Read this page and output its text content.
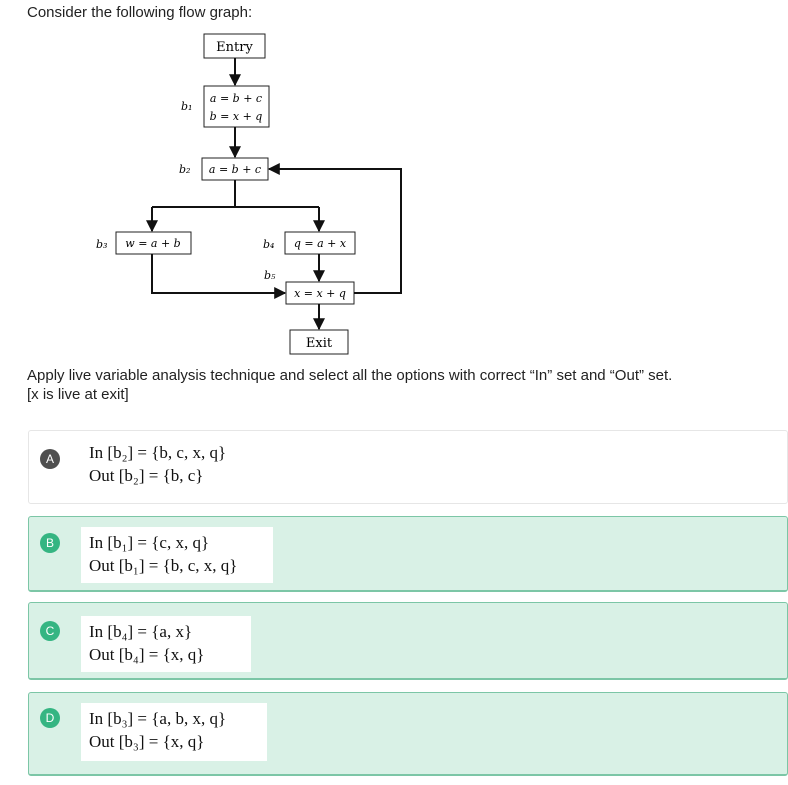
Consider the following flow graph:

Entry
a = b + c
b = x + q
b₁
a = b + c
b₂
w = a + b
b₃	q = a + x
b₄
x = x + q
b₅
Exit
Apply live variable analysis technique and select all the options with correct “In” set and “Out” set.
[x is live at exit]
A	In [b₂] = {b, c, x, q}
Out [b₂] = {b, c}
B	In [b₁] = {c, x, q}
Out [b₁] = {b, c, x, q}
C	In [b₄] = {a, x}
Out [b₄] = {x, q}
D	In [b₃] = {a, b, x, q}
Out [b₃] = {x, q}
